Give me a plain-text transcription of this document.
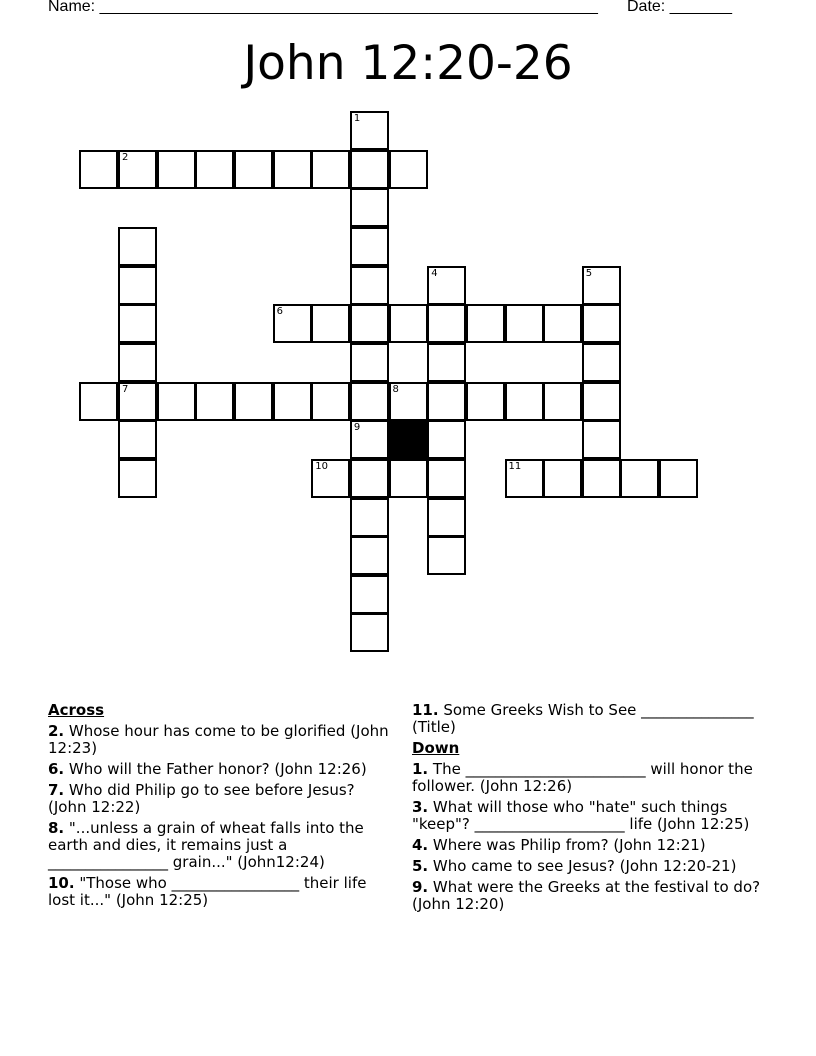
Name: ________________________________________________________ Date: _______
John 12:20-26
1
9
2
7
4	5
6
8
10	11
Across
2. Whose hour has come to be glorified (John 12:23)
6. Who will the Father honor? (John 12:26)
7. Who did Philip go to see before Jesus? (John 12:22)
8. "...unless a grain of wheat falls into the earth and dies, it remains just a ________________ grain..." (John12:24)
10. "Those who _________________ their life lost it..." (John 12:25)
11. Some Greeks Wish to See _______________ (Title)
Down
1. The ________________________ will honor the follower. (John 12:26)
3. What will those who "hate" such things "keep"? ____________________ life (John 12:25)
4. Where was Philip from? (John 12:21)
5. Who came to see Jesus? (John 12:20-21)
9. What were the Greeks at the festival to do? (John 12:20)
